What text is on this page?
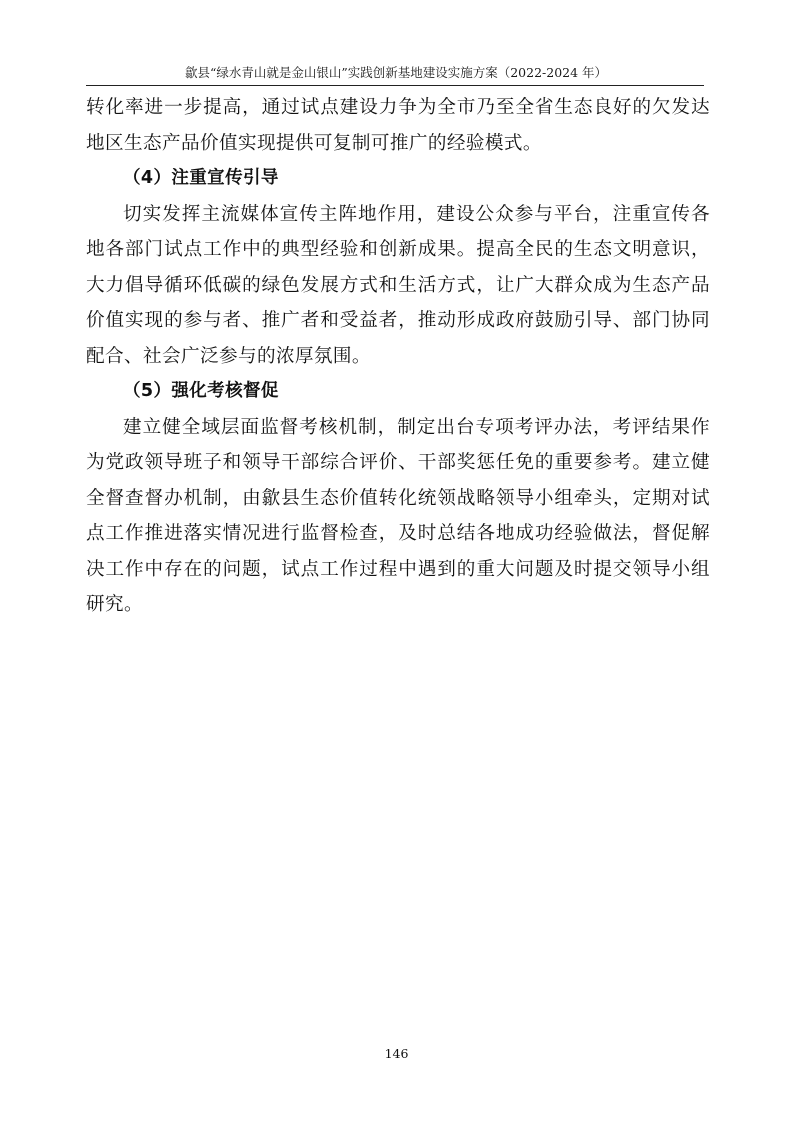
歙县“绿水青山就是金山银山”实践创新基地建设实施方案（2022-2024 年）

转化率进一步提高，通过试点建设力争为全市乃至全省生态良好的欠发达地区生态产品价值实现提供可复制可推广的经验模式。

（4）注重宣传引导

切实发挥主流媒体宣传主阵地作用，建设公众参与平台，注重宣传各地各部门试点工作中的典型经验和创新成果。提高全民的生态文明意识，大力倡导循环低碳的绿色发展方式和生活方式，让广大群众成为生态产品价值实现的参与者、推广者和受益者，推动形成政府鼓励引导、部门协同配合、社会广泛参与的浓厚氛围。

（5）强化考核督促

建立健全域层面监督考核机制，制定出台专项考评办法，考评结果作为党政领导班子和领导干部综合评价、干部奖惩任免的重要参考。建立健全督查督办机制，由歙县生态价值转化统领战略领导小组牵头，定期对试点工作推进落实情况进行监督检查，及时总结各地成功经验做法，督促解决工作中存在的问题，试点工作过程中遇到的重大问题及时提交领导小组研究。

146
